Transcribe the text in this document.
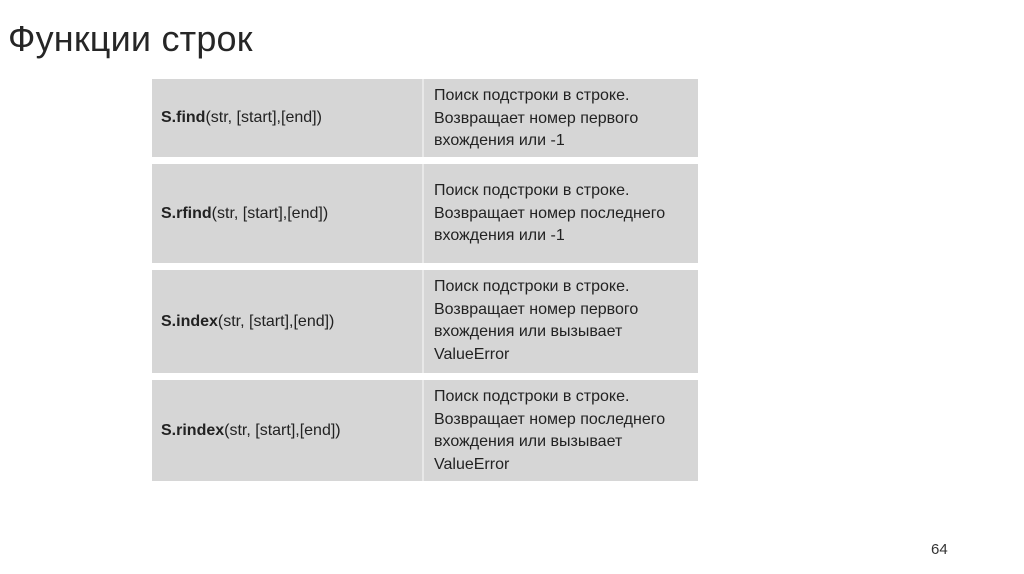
Функции строк
S.find (str, [start],[end])
Поиск подстроки в строке.
Возвращает номер первого
вхождения или -1
S.rfind (str, [start],[end])
Поиск подстроки в строке.
Возвращает номер последнего
вхождения или -1
S.index (str, [start],[end])
Поиск подстроки в строке.
Возвращает номер первого
вхождения или вызывает
ValueError
S.rindex (str, [start],[end])
Поиск подстроки в строке.
Возвращает номер последнего
вхождения или вызывает
ValueError
64
